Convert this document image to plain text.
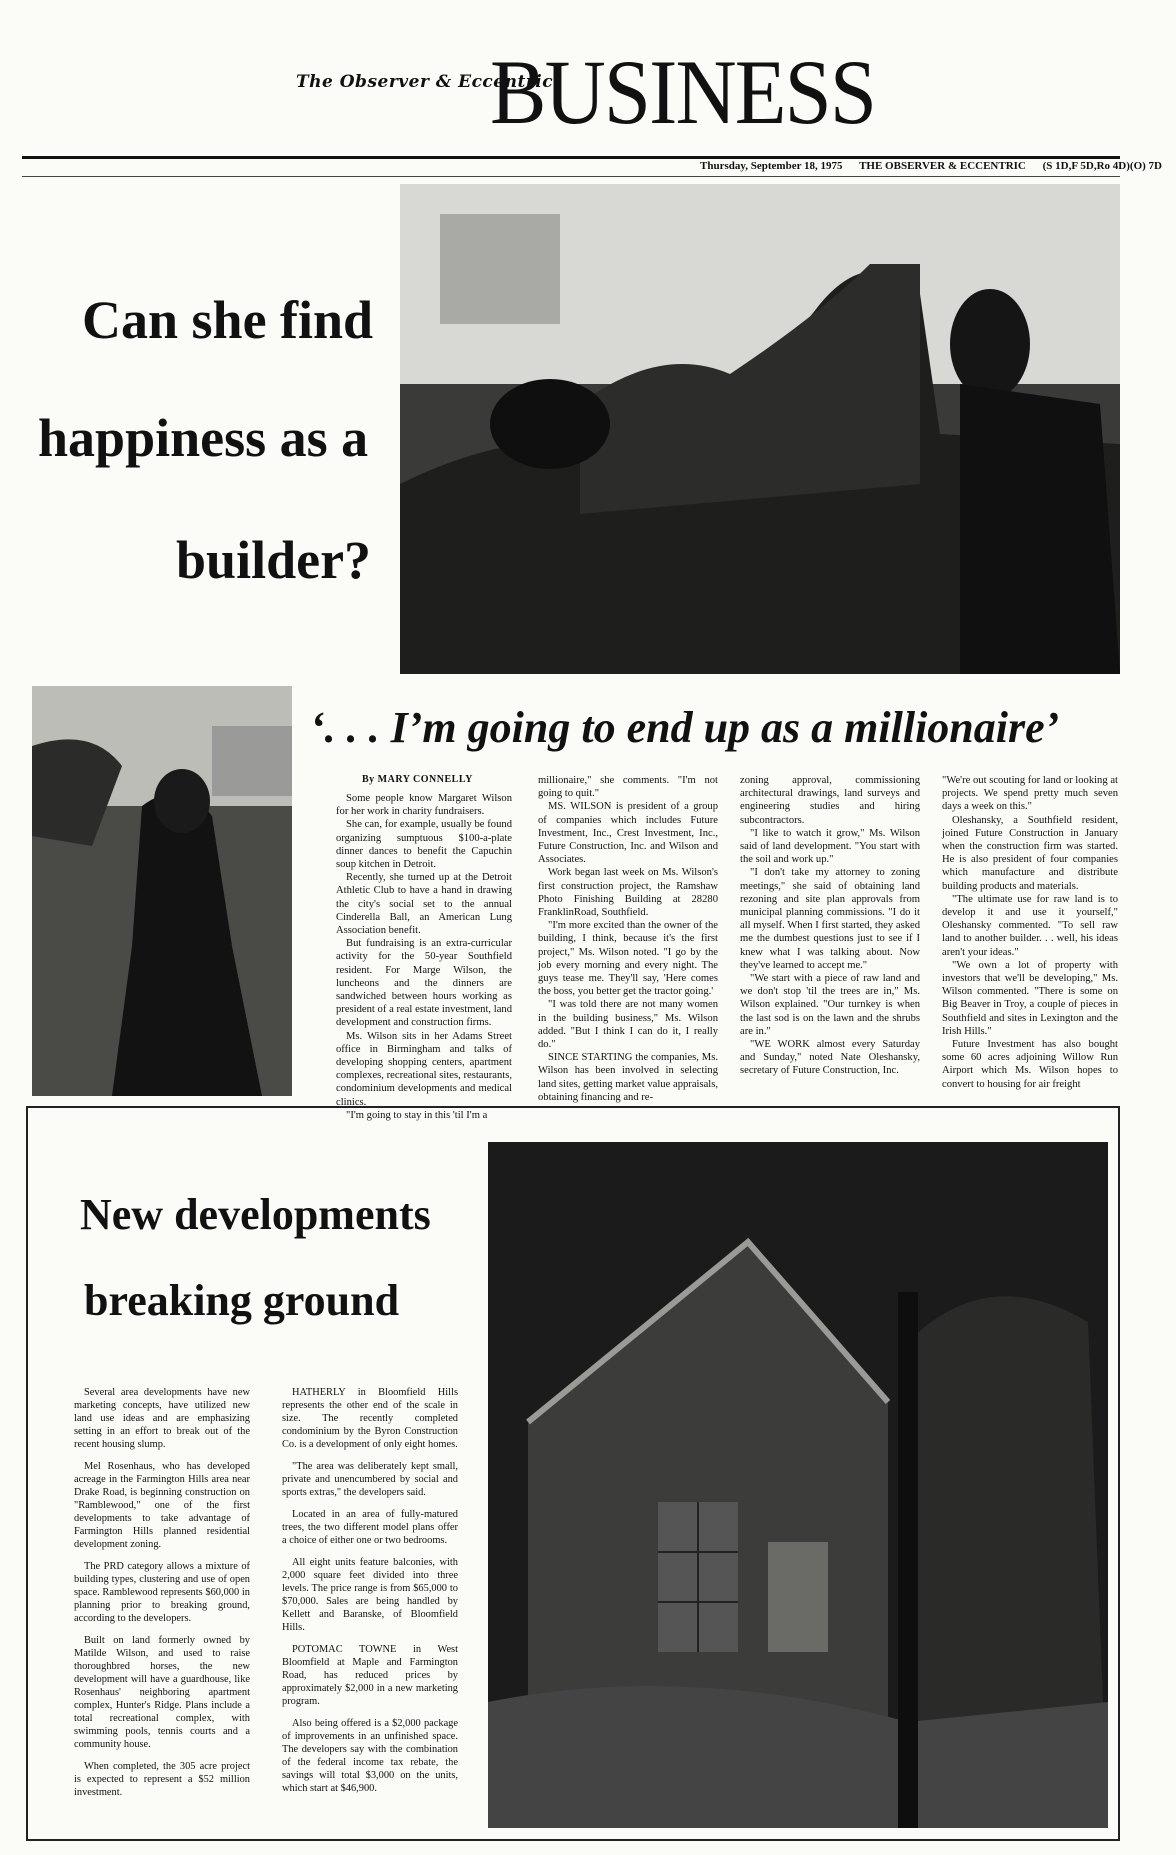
The Observer & Eccentric
BUSINESS
Thursday, September 18, 1975 THE OBSERVER & ECCENTRIC (S 1D,F 5D,Ro 4D)(O) 7D
Can she find
happiness as a
builder?
‘. . . I’m going to end up as a millionaire’
By MARY CONNELLY

Some people know Margaret Wilson for her work in charity fundraisers.

She can, for example, usually be found organizing sumptuous $100-a-plate dinner dances to benefit the Capuchin soup kitchen in Detroit.

Recently, she turned up at the Detroit Athletic Club to have a hand in drawing the city's social set to the annual Cinderella Ball, an American Lung Association benefit.

But fundraising is an extra-curricular activity for the 50-year Southfield resident. For Marge Wilson, the luncheons and the dinners are sandwiched between hours working as president of a real estate investment, land development and construction firms.

Ms. Wilson sits in her Adams Street office in Birmingham and talks of developing shopping centers, apartment complexes, recreational sites, restaurants, condominium developments and medical clinics.

"I'm going to stay in this 'til I'm a

millionaire," she comments. "I'm not going to quit."

MS. WILSON is president of a group of companies which includes Future Investment, Inc., Crest Investment, Inc., Future Construction, Inc. and Wilson and Associates.

Work began last week on Ms. Wilson's first construction project, the Ramshaw Photo Finishing Building at 28280 FranklinRoad, Southfield.

"I'm more excited than the owner of the building, I think, because it's the first project," Ms. Wilson noted. "I go by the job every morning and every night. The guys tease me. They'll say, 'Here comes the boss, you better get the tractor going.'

"I was told there are not many women in the building business," Ms. Wilson added. "But I think I can do it, I really do."

SINCE STARTING the companies, Ms. Wilson has been involved in selecting land sites, getting market value appraisals, obtaining financing and re-

zoning approval, commissioning architectural drawings, land surveys and engineering studies and hiring subcontractors.

"I like to watch it grow," Ms. Wilson said of land development. "You start with the soil and work up."

"I don't take my attorney to zoning meetings," she said of obtaining land rezoning and site plan approvals from municipal planning commissions. "I do it all myself. When I first started, they asked me the dumbest questions just to see if I knew what I was talking about. Now they've learned to accept me."

"We start with a piece of raw land and we don't stop 'til the trees are in," Ms. Wilson explained. "Our turnkey is when the last sod is on the lawn and the shrubs are in."

"WE WORK almost every Saturday and Sunday," noted Nate Oleshansky, secretary of Future Construction, Inc.

"We're out scouting for land or looking at projects. We spend pretty much seven days a week on this."

Oleshansky, a Southfield resident, joined Future Construction in January when the construction firm was started. He is also president of four companies which manufacture and distribute building products and materials.

"The ultimate use for raw land is to develop it and use it yourself," Oleshansky commented. "To sell raw land to another builder. . . well, his ideas aren't your ideas."

"We own a lot of property with investors that we'll be developing," Ms. Wilson commented. "There is some on Big Beaver in Troy, a couple of pieces in Southfield and sites in Lexington and the Irish Hills."

Future Investment has also bought some 60 acres adjoining Willow Run Airport which Ms. Wilson hopes to convert to housing for air freight

New developments
breaking ground

Several area developments have new marketing concepts, have utilized new land use ideas and are emphasizing setting in an effort to break out of the recent housing slump.

Mel Rosenhaus, who has developed acreage in the Farmington Hills area near Drake Road, is beginning construction on "Ramblewood," one of the first developments to take advantage of Farmington Hills planned residential development zoning.

The PRD category allows a mixture of building types, clustering and use of open space. Ramblewood represents $60,000 in planning prior to breaking ground, according to the developers.

Built on land formerly owned by Matilde Wilson, and used to raise thoroughbred horses, the new development will have a guardhouse, like Rosenhaus' neighboring apartment complex, Hunter's Ridge. Plans include a total recreational complex, with swimming pools, tennis courts and a community house.

When completed, the 305 acre project is expected to represent a $52 million investment.

HATHERLY in Bloomfield Hills represents the other end of the scale in size. The recently completed condominium by the Byron Construction Co. is a development of only eight homes.

"The area was deliberately kept small, private and unencumbered by social and sports extras," the developers said.

Located in an area of fully-matured trees, the two different model plans offer a choice of either one or two bedrooms.

All eight units feature balconies, with 2,000 square feet divided into three levels. The price range is from $65,000 to $70,000. Sales are being handled by Kellett and Baranske, of Bloomfield Hills.

POTOMAC TOWNE in West Bloomfield at Maple and Farmington Road, has reduced prices by approximately $2,000 in a new marketing program.

Also being offered is a $2,000 package of improvements in an unfinished space. The developers say with the combination of the federal income tax rebate, the savings will total $3,000 on the units, which start at $46,900.
